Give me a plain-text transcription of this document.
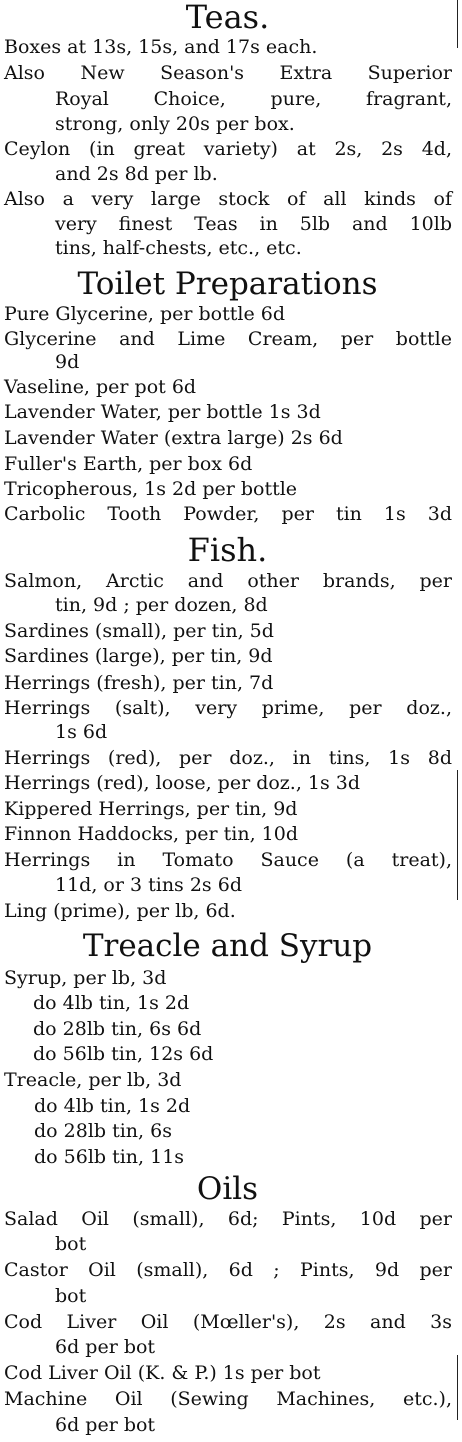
Teas.
Boxes at 13s, 15s, and 17s each.
Also New Season's Extra Superior
Royal Choice, pure, fragrant,
strong, only 20s per box.
Ceylon (in great variety) at 2s, 2s 4d,
and 2s 8d per lb.
Also a very large stock of all kinds of
very finest Teas in 5lb and 10lb
tins, half-chests, etc., etc.
Toilet Preparations
Pure Glycerine, per bottle 6d
Glycerine and Lime Cream, per bottle
9d
Vaseline, per pot 6d
Lavender Water, per bottle 1s 3d
Lavender Water (extra large) 2s 6d
Fuller's Earth, per box 6d
Tricopherous, 1s 2d per bottle
Carbolic Tooth Powder, per tin 1s 3d
Fish.
Salmon, Arctic and other brands, per
tin, 9d ; per dozen, 8d
Sardines (small), per tin, 5d
Sardines (large), per tin, 9d
Herrings (fresh), per tin, 7d
Herrings (salt), very prime, per doz.,
1s 6d
Herrings (red), per doz., in tins, 1s 8d
Herrings (red), loose, per doz., 1s 3d
Kippered Herrings, per tin, 9d
Finnon Haddocks, per tin, 10d
Herrings in Tomato Sauce (a treat),
11d, or 3 tins 2s 6d
Ling (prime), per lb, 6d.
Treacle and Syrup
Syrup, per lb, 3d
do 4lb tin, 1s 2d
do 28lb tin, 6s 6d
do 56lb tin, 12s 6d
Treacle, per lb, 3d
do 4lb tin, 1s 2d
do 28lb tin, 6s
do 56lb tin, 11s
Oils
Salad Oil (small), 6d; Pints, 10d per
bot
Castor Oil (small), 6d ; Pints, 9d per
bot
Cod Liver Oil (Mœller's), 2s and 3s
6d per bot
Cod Liver Oil (K. & P.) 1s per bot
Machine Oil (Sewing Machines, etc.),
6d per bot
